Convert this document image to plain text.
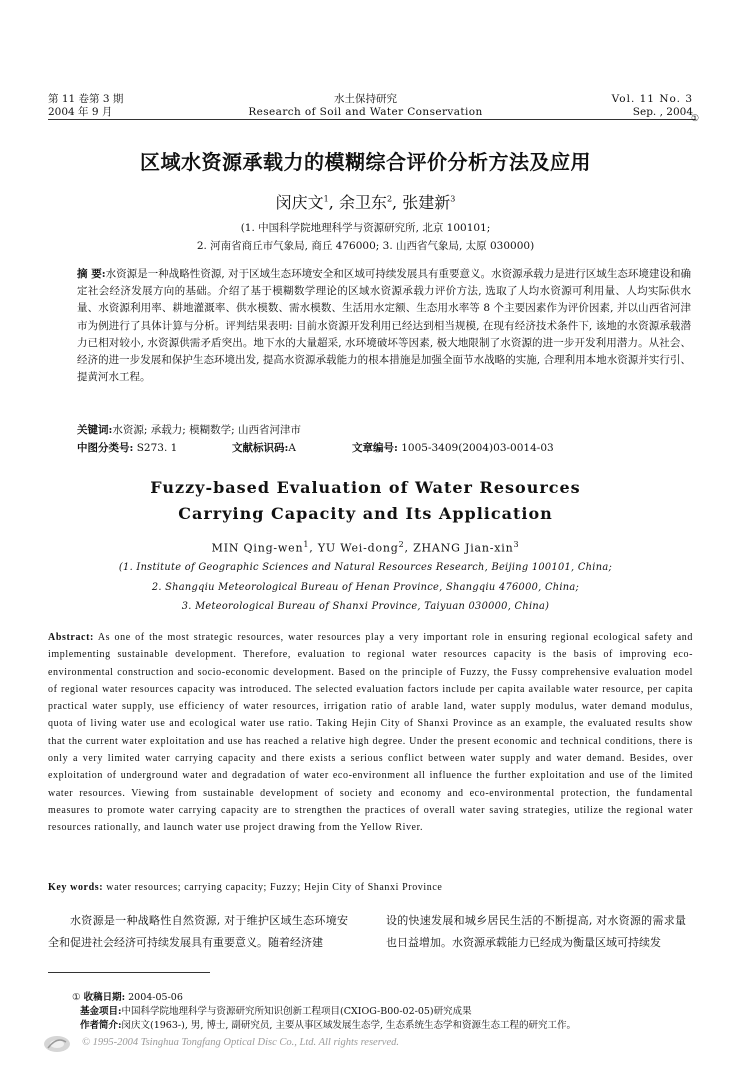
第 11 卷第 3 期
2004 年 9 月
水土保持研究
Research of Soil and Water Conservation
Vol. 11 No. 3
Sep. , 2004
①
区域水资源承载力的模糊综合评价分析方法及应用
闵庆文$^1$, 余卫东$^2$, 张建新$^3$
(1. 中国科学院地理科学与资源研究所, 北京 100101;
2. 河南省商丘市气象局, 商丘 476000; 3. 山西省气象局, 太原 030000)
摘 要:水资源是一种战略性资源, 对于区域生态环境安全和区域可持续发展具有重要意义。水资源承载力是进行区域生态环境建设和确定社会经济发展方向的基础。介绍了基于模糊数学理论的区域水资源承载力评价方法, 选取了人均水资源可利用量、人均实际供水量、水资源利用率、耕地灌溉率、供水模数、需水模数、生活用水定额、生态用水率等 8 个主要因素作为评价因素, 并以山西省河津市为例进行了具体计算与分析。评判结果表明: 目前水资源开发利用已经达到相当规模, 在现有经济技术条件下, 该地的水资源承载潜力已相对较小, 水资源供需矛盾突出。地下水的大量超采, 水环境破坏等因素, 极大地限制了水资源的进一步开发利用潜力。从社会、经济的进一步发展和保护生态环境出发, 提高水资源承载能力的根本措施是加强全面节水战略的实施, 合理利用本地水资源并实行引、提黄河水工程。
关键词:水资源; 承载力; 模糊数学; 山西省河津市
中图分类号: S273. 1	文献标识码:A	文章编号: 1005-3409(2004)03-0014-03
Fuzzy-based Evaluation of Water Resources
Carrying Capacity and Its Application
MIN Qing-wen$^1$, YU Wei-dong$^2$, ZHANG Jian-xin$^3$
(1. Institute of Geographic Sciences and Natural Resources Research, Beijing 100101, China;
2. Shangqiu Meteorological Bureau of Henan Province, Shangqiu 476000, China;
3. Meteorological Bureau of Shanxi Province, Taiyuan 030000, China)
Abstract: As one of the most strategic resources, water resources play a very important role in ensuring regional ecological safety and implementing sustainable development. Therefore, evaluation to regional water resources capacity is the basis of improving eco-environmental construction and socio-economic development. Based on the principle of Fuzzy, the Fussy comprehensive evaluation model of regional water resources capacity was introduced. The selected evaluation factors include per capita available water resource, per capita practical water supply, use efficiency of water resources, irrigation ratio of arable land, water supply modulus, water demand modulus, quota of living water use and ecological water use ratio. Taking Hejin City of Shanxi Province as an example, the evaluated results show that the current water exploitation and use has reached a relative high degree. Under the present economic and technical conditions, there is only a very limited water carrying capacity and there exists a serious conflict between water supply and water demand. Besides, over exploitation of underground water and degradation of water eco-environment all influence the further exploitation and use of the limited water resources. Viewing from sustainable development of society and economy and eco-environmental protection, the fundamental measures to promote water carrying capacity are to strengthen the practices of overall water saving strategies, utilize the regional water resources rationally, and launch water use project drawing from the Yellow River.
Key words: water resources; carrying capacity; Fuzzy; Hejin City of Shanxi Province
水资源是一种战略性自然资源, 对于维护区域生态环境安全和促进社会经济可持续发展具有重要意义。随着经济建
设的快速发展和城乡居民生活的不断提高, 对水资源的需求量也日益增加。水资源承载能力已经成为衡量区域可持续发
① 收稿日期: 2004-05-06
基金项目:中国科学院地理科学与资源研究所知识创新工程项目(CXIOG-B00-02-05)研究成果
作者简介:闵庆文(1963-), 男, 博士, 副研究员, 主要从事区域发展生态学, 生态系统生态学和资源生态工程的研究工作。
© 1995-2004 Tsinghua Tongfang Optical Disc Co., Ltd. All rights reserved.
